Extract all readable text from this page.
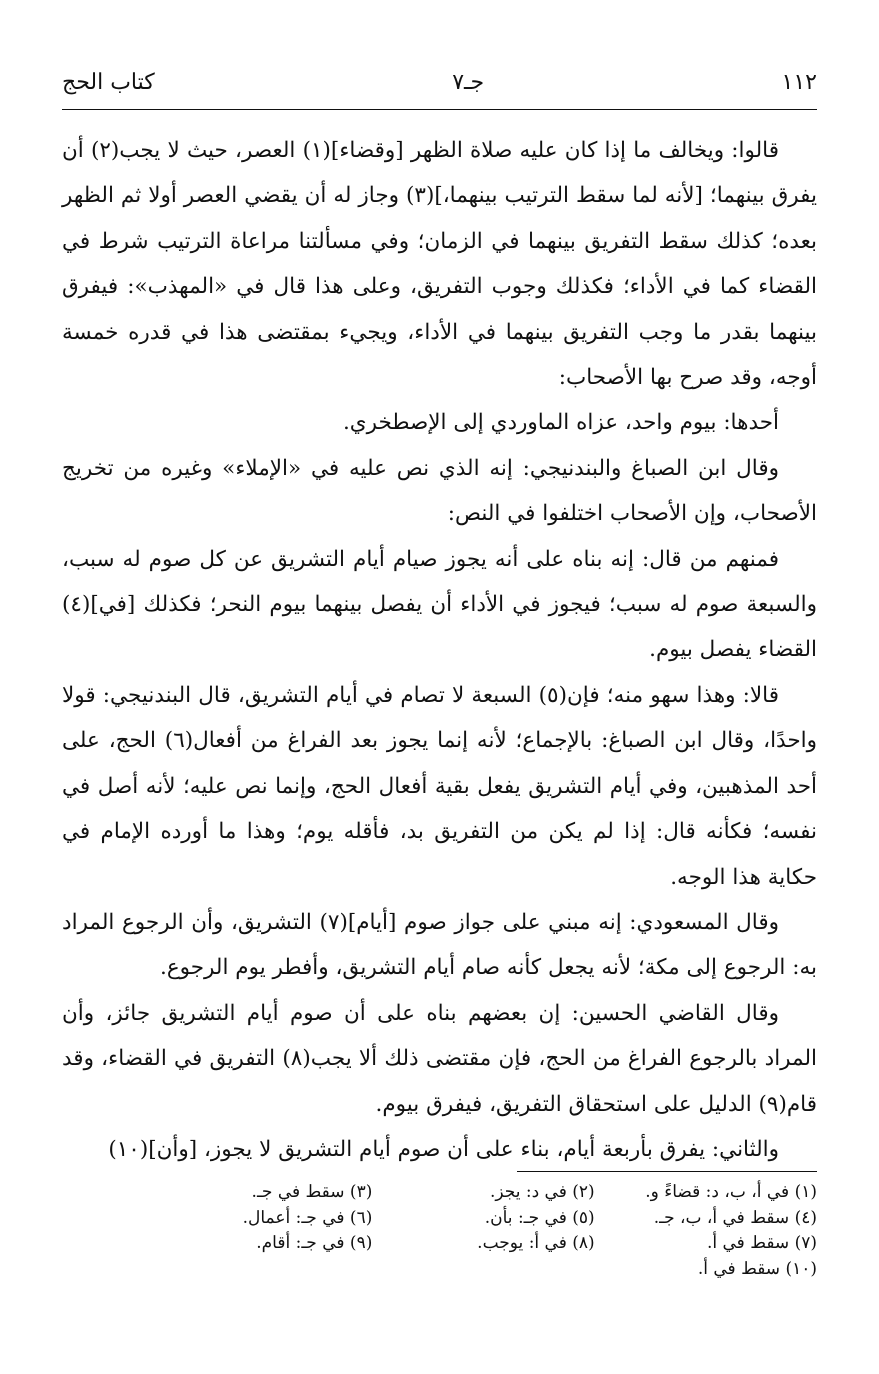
كتاب الحج	جـ٧	١١٢

قالوا: ويخالف ما إذا كان عليه صلاة الظهر [وقضاء](١) العصر، حيث لا يجب(٢) أن يفرق بينهما؛ [لأنه لما سقط الترتيب بينهما،](٣) وجاز له أن يقضي العصر أولا ثم الظهر بعده؛ كذلك سقط التفريق بينهما في الزمان؛ وفي مسألتنا مراعاة الترتيب شرط في القضاء كما في الأداء؛ فكذلك وجوب التفريق، وعلى هذا قال في «المهذب»: فيفرق بينهما بقدر ما وجب التفريق بينهما في الأداء، ويجيء بمقتضى هذا في قدره خمسة أوجه، وقد صرح بها الأصحاب:

أحدها: بيوم واحد، عزاه الماوردي إلى الإصطخري.

وقال ابن الصباغ والبندنيجي: إنه الذي نص عليه في «الإملاء» وغيره من تخريج الأصحاب، وإن الأصحاب اختلفوا في النص:

فمنهم من قال: إنه بناه على أنه يجوز صيام أيام التشريق عن كل صوم له سبب، والسبعة صوم له سبب؛ فيجوز في الأداء أن يفصل بينهما بيوم النحر؛ فكذلك [في](٤) القضاء يفصل بيوم.

قالا: وهذا سهو منه؛ فإن(٥) السبعة لا تصام في أيام التشريق، قال البندنيجي: قولا واحدًا، وقال ابن الصباغ: بالإجماع؛ لأنه إنما يجوز بعد الفراغ من أفعال(٦) الحج، على أحد المذهبين، وفي أيام التشريق يفعل بقية أفعال الحج، وإنما نص عليه؛ لأنه أصل في نفسه؛ فكأنه قال: إذا لم يكن من التفريق بد، فأقله يوم؛ وهذا ما أورده الإمام في حكاية هذا الوجه.

وقال المسعودي: إنه مبني على جواز صوم [أيام](٧) التشريق، وأن الرجوع المراد به: الرجوع إلى مكة؛ لأنه يجعل كأنه صام أيام التشريق، وأفطر يوم الرجوع.

وقال القاضي الحسين: إن بعضهم بناه على أن صوم أيام التشريق جائز، وأن المراد بالرجوع الفراغ من الحج، فإن مقتضى ذلك ألا يجب(٨) التفريق في القضاء، وقد قام(٩) الدليل على استحقاق التفريق، فيفرق بيوم.

والثاني: يفرق بأربعة أيام، بناء على أن صوم أيام التشريق لا يجوز، [وأن](١٠)

(١) في أ، ب، د: قضاءً و.
(٢) في د: يجز.
(٣) سقط في جـ.
(٤) سقط في أ، ب، جـ.
(٥) في جـ: بأن.
(٦) في جـ: أعمال.
(٧) سقط في أ.
(٨) في أ: يوجب.
(٩) في جـ: أقام.
(١٠) سقط في أ.
